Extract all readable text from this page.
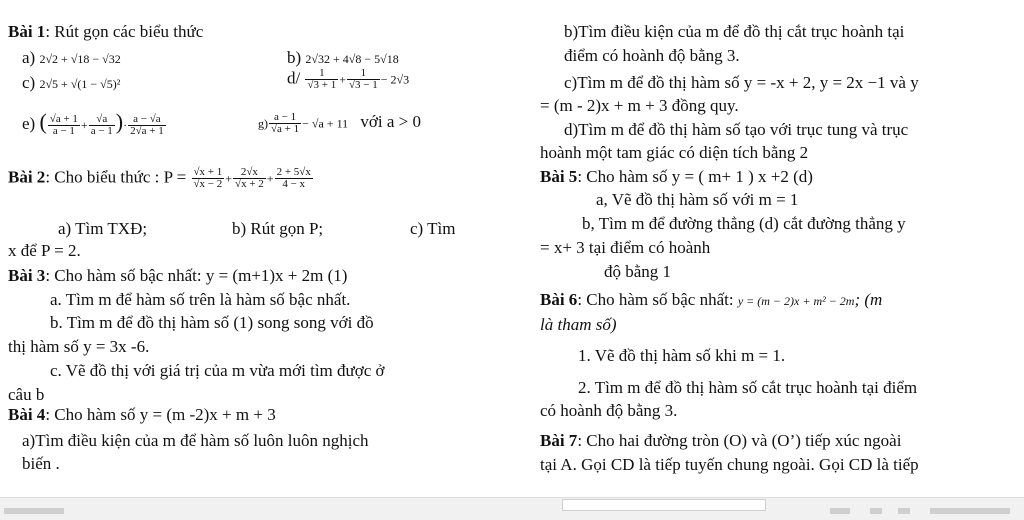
Bài 1: Rút gọn các biểu thức
a) 2√2 + √18 − √32	b) 2√32 + 4√8 − 5√18
c) 2√5 + √(1 − √5)²	$d/ \frac{1}{√3 + 1} + \frac{1}{√3 - 1} - 2√3$
e) ( $\frac{√a + 1}{a - 1} + \frac{√a}{a - 1}$ )· $\frac{a - √a}{2√a + 1}$	$g) \frac{a - 1}{√a + 1} - √a + 11$ với a > 0
Bài 2: Cho biểu thức : $P = \frac{√x + 1}{√x - 2} + \frac{2√x}{√x + 2} + \frac{2 + 5√x}{4 - x}$
a) Tìm TXĐ;	b) Rút gọn P;	c) Tìm
x để P = 2.
Bài 3: Cho hàm số bậc nhất: y = (m+1)x + 2m (1)
a. Tìm m để hàm số trên là hàm số bậc nhất.
b. Tìm m để đồ thị hàm số (1) song song với đồ
thị hàm số y = 3x -6.
c. Vẽ đồ thị với giá trị của m vừa mới tìm được ở
câu b
Bài 4: Cho hàm số y = (m -2)x + m + 3
a)Tìm điều kiện của m để hàm số luôn luôn nghịch
biến .
b)Tìm điều kiện của m để đồ thị cắt trục hoành tại
điểm có hoành độ bằng 3.
c)Tìm m để đồ thị hàm số y = -x + 2, y = 2x −1 và y
= (m - 2)x + m + 3 đồng quy.
d)Tìm m để đồ thị hàm số tạo với trục tung và trục
hoành một tam giác có diện tích bằng 2
Bài 5: Cho hàm số y = ( m+ 1 ) x +2 (d)
a, Vẽ đồ thị hàm số với m = 1
b, Tìm m để đường thẳng (d) cắt đường thẳng y
= x+ 3 tại điểm có hoành
độ bằng 1
Bài 6: Cho hàm số bậc nhất: y = (m − 2)x + m² − 2m; (m
là tham số)
1. Vẽ đồ thị hàm số khi m = 1.
2. Tìm m để đồ thị hàm số cắt trục hoành tại điểm
có hoành độ bằng 3.
Bài 7: Cho hai đường tròn (O) và (O’) tiếp xúc ngoài
tại A. Gọi CD là tiếp tuyến chung ngoài. Gọi CD là tiếp
